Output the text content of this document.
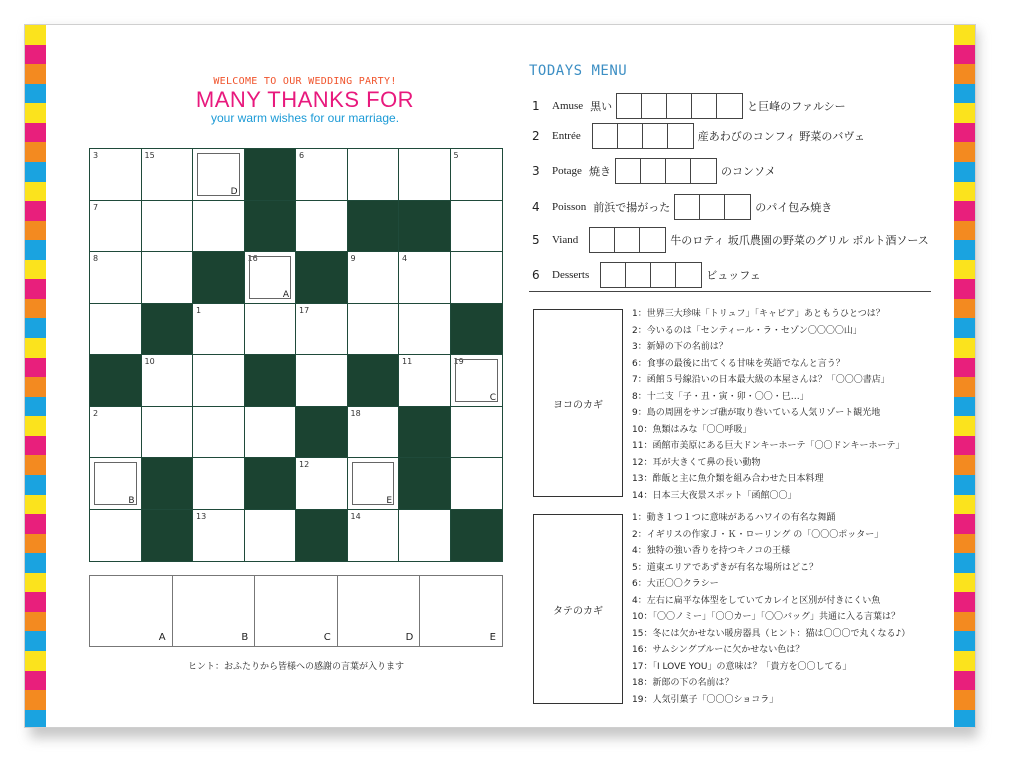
WELCOME TO OUR WEDDING PARTY!
MANY THANKS FOR
your warm wishes for our marriage.
3	15
D
6	5
7
8	16
A
9	4
1	17
10	11	19
C
2	18
B
12
E
13	14
A	B	C	D	E
ヒント：おふたりから皆様への感謝の言葉が入ります
TODAYS MENU
1	Amuse 黒い	と巨峰のファルシー
2	Entrée	産あわびのコンフィ 野菜のバヴェ
3	Potage 焼き	のコンソメ
4	Poisson 前浜で揚がった	のパイ包み焼き
5	Viand	牛のロティ 坂爪農園の野菜のグリル ポルト酒ソース
6	Desserts	ビュッフェ
ヨコのカギ
1：世界三大珍味「トリュフ」「キャビア」あともうひとつは？
2：今いるのは「センティール・ラ・セゾン〇〇〇〇山」
3：新婦の下の名前は？
6：食事の最後に出てくる甘味を英語でなんと言う？
7：函館５号線沿いの日本最大級の本屋さんは？「〇〇〇書店」
8：十二支「子・丑・寅・卯・〇〇・巳…」
9：島の周囲をサンゴ礁が取り巻いている人気リゾート観光地
10：魚類はみな「〇〇呼吸」
11：函館市美原にある巨大ドンキーホーテ「〇〇ドンキーホーテ」
12：耳が大きくて鼻の長い動物
13：酢飯と主に魚介類を組み合わせた日本料理
14：日本三大夜景スポット「函館〇〇」
タテのカギ
1：動き１つ１つに意味があるハワイの有名な舞踊
2：イギリスの作家Ｊ・Ｋ・ローリング の「〇〇〇ポッター」
4：独特の強い香りを持つキノコの王様
5：道東エリアであずきが有名な場所はどこ？
6：大正〇〇クラシー
4：左右に扁平な体型をしていてカレイと区別が付きにくい魚
10：「〇〇ノミー」「〇〇カー」「〇〇バッグ」共通に入る言葉は？
15：冬には欠かせない暖房器具（ヒント：猫は〇〇〇で丸くなる♪）
16：サムシングブルーに欠かせない色は？
17：「I LOVE YOU」の意味は？「貴方を〇〇してる」
18：新郎の下の名前は？
19：人気引菓子「〇〇〇ショコラ」
